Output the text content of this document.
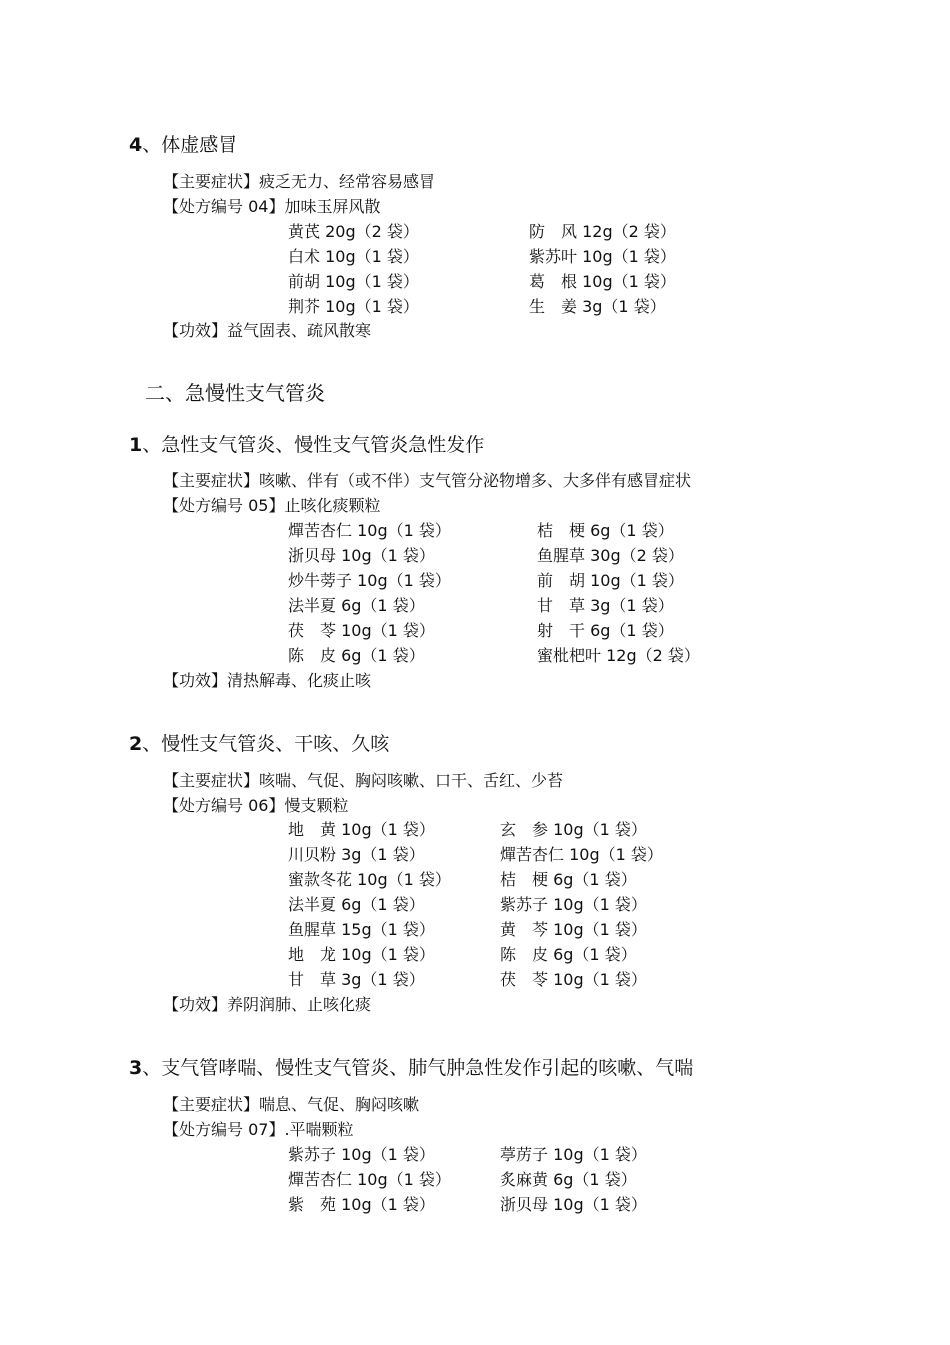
4、体虚感冒
【主要症状】疲乏无力、经常容易感冒
【处方编号 04】加味玉屏风散
黄芪 20g（2 袋）
白术 10g（1 袋）
前胡 10g（1 袋）
荆芥 10g（1 袋）
防　风 12g（2 袋）
紫苏叶 10g（1 袋）
葛　根 10g（1 袋）
生　姜 3g（1 袋）
【功效】益气固表、疏风散寒
二、急慢性支气管炎
1、急性支气管炎、慢性支气管炎急性发作
【主要症状】咳嗽、伴有（或不伴）支气管分泌物增多、大多伴有感冒症状
【处方编号 05】止咳化痰颗粒
燀苦杏仁 10g（1 袋）
浙贝母 10g（1 袋）
炒牛蒡子 10g（1 袋）
法半夏 6g（1 袋）
茯　苓 10g（1 袋）
陈　皮 6g（1 袋）
桔　梗 6g（1 袋）
鱼腥草 30g（2 袋）
前　胡 10g（1 袋）
甘　草 3g（1 袋）
射　干 6g（1 袋）
蜜枇杷叶 12g（2 袋）
【功效】清热解毒、化痰止咳
2、慢性支气管炎、干咳、久咳
【主要症状】咳喘、气促、胸闷咳嗽、口干、舌红、少苔
【处方编号 06】慢支颗粒
地　黄 10g（1 袋）
川贝粉 3g（1 袋）
蜜款冬花 10g（1 袋）
法半夏 6g（1 袋）
鱼腥草 15g（1 袋）
地　龙 10g（1 袋）
甘　草 3g（1 袋）
玄　参 10g（1 袋）
燀苦杏仁 10g（1 袋）
桔　梗 6g（1 袋）
紫苏子 10g（1 袋）
黄　芩 10g（1 袋）
陈　皮 6g（1 袋）
茯　苓 10g（1 袋）
【功效】养阴润肺、止咳化痰
3、支气管哮喘、慢性支气管炎、肺气肿急性发作引起的咳嗽、气喘
【主要症状】喘息、气促、胸闷咳嗽
【处方编号 07】.平喘颗粒
紫苏子 10g（1 袋）
燀苦杏仁 10g（1 袋）
紫　苑 10g（1 袋）
葶苈子 10g（1 袋）
炙麻黄 6g（1 袋）
浙贝母 10g（1 袋）
